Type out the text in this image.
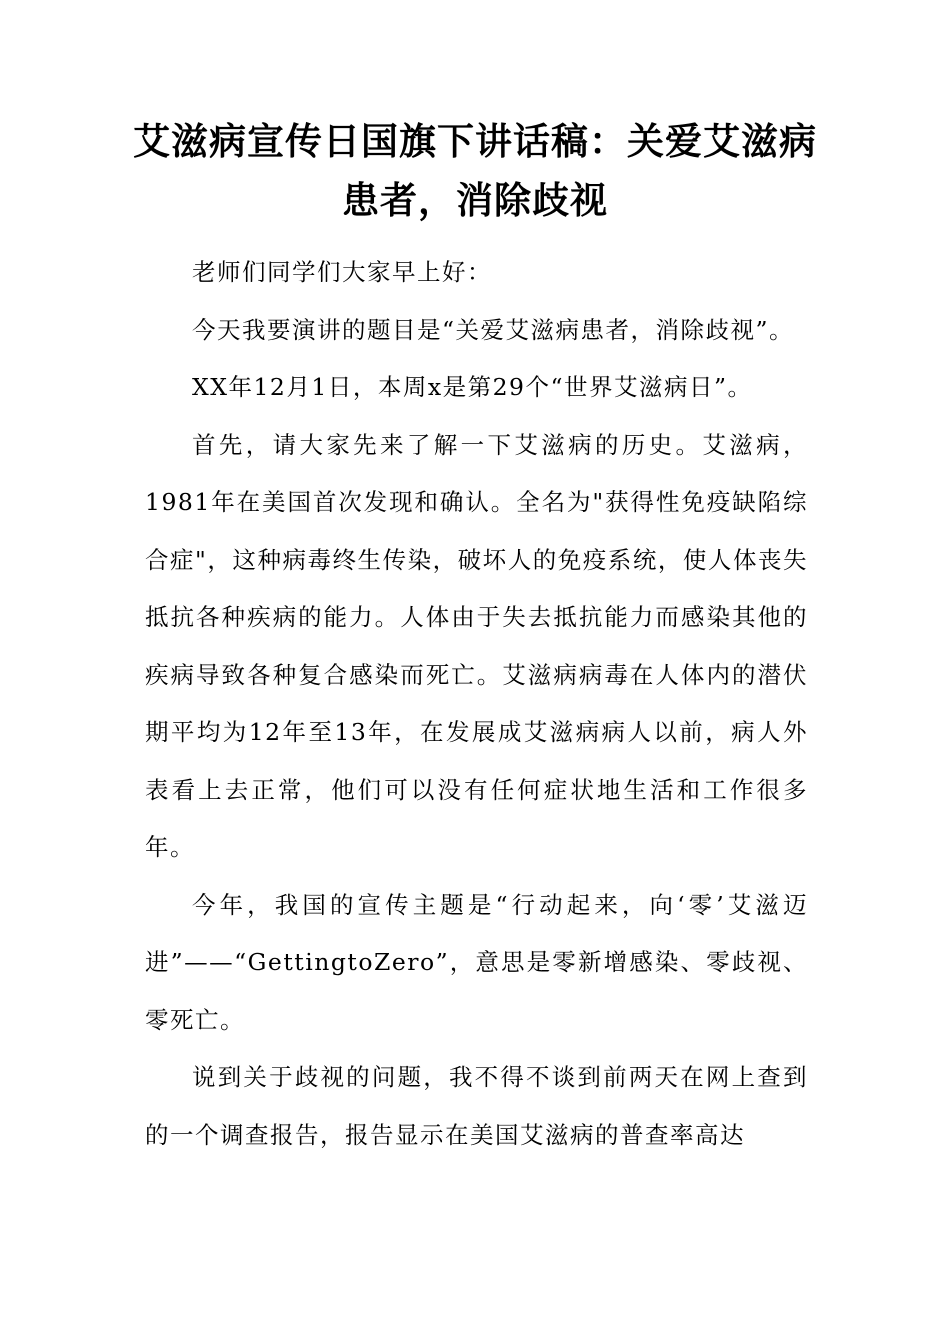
艾滋病宣传日国旗下讲话稿：关爱艾滋病患者，消除歧视

老师们同学们大家早上好：

今天我要演讲的题目是“关爱艾滋病患者，消除歧视”。

XX年12月1日，本周x是第29个“世界艾滋病日”。

首先，请大家先来了解一下艾滋病的历史。艾滋病，1981年在美国首次发现和确认。全名为"获得性免疫缺陷综合症"，这种病毒终生传染，破坏人的免疫系统，使人体丧失抵抗各种疾病的能力。人体由于失去抵抗能力而感染其他的疾病导致各种复合感染而死亡。艾滋病病毒在人体内的潜伏期平均为12年至13年，在发展成艾滋病病人以前，病人外表看上去正常，他们可以没有任何症状地生活和工作很多年。

今年，我国的宣传主题是“行动起来，向‘零’艾滋迈进”——“GettingtoZero”，意思是零新增感染、零歧视、零死亡。

说到关于歧视的问题，我不得不谈到前两天在网上查到的一个调查报告，报告显示在美国艾滋病的普查率高达
